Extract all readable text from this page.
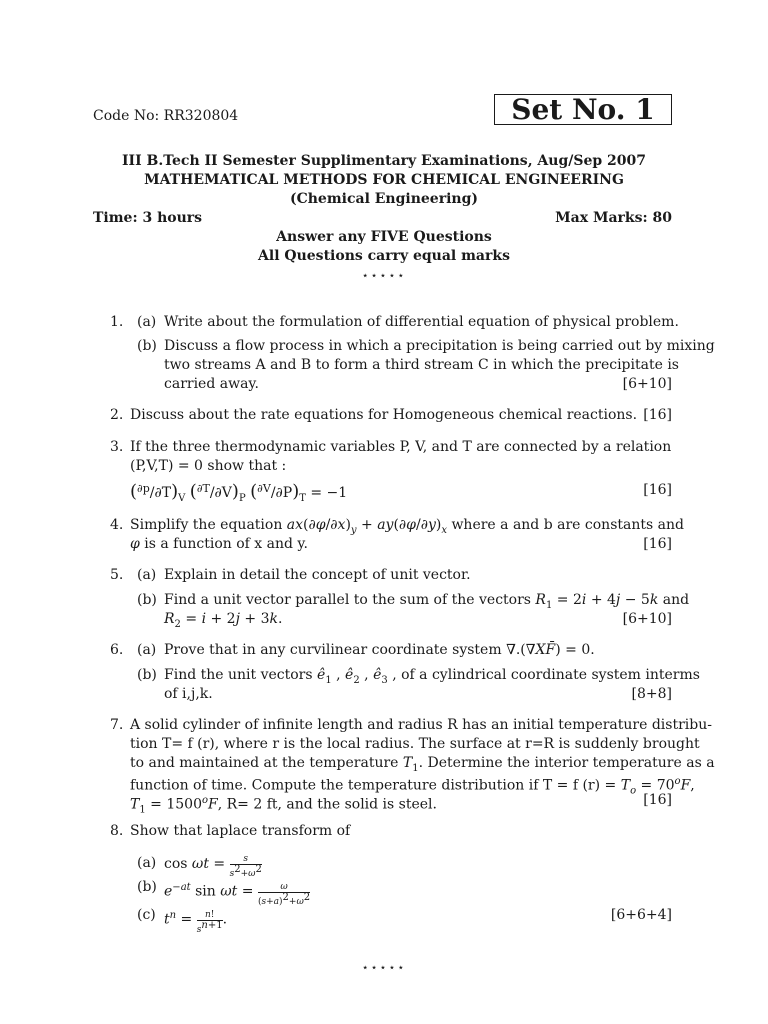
Code No: RR320804	Set No. 1
III B.Tech II Semester Supplimentary Examinations, Aug/Sep 2007
MATHEMATICAL METHODS FOR CHEMICAL ENGINEERING
(Chemical Engineering)
Time: 3 hours	Max Marks: 80
Answer any FIVE Questions
All Questions carry equal marks
⋆⋆⋆⋆⋆
1. (a) Write about the formulation of differential equation of physical problem.
(b) Discuss a flow process in which a precipitation is being carried out by mixing
two streams A and B to form a third stream C in which the precipitate is
carried away.	[6+10]
2. Discuss about the rate equations for Homogeneous chemical reactions. [16]
3. If the three thermodynamic variables P, V, and T are connected by a relation
(P,V,T) = 0 show that :
$(^{\partial p}/\partial T)_V$ $(^{\partial T}/\partial V)_P$ $(^{\partial V}/\partial P)_T = -1$	[16]
4. Simplify the equation $ax(\partial\varphi/\partial x)_y + ay(\partial\varphi/\partial y)_x$ where a and b are constants and
φ is a function of x and y.	[16]
5. (a) Explain in detail the concept of unit vector.
(b) Find a unit vector parallel to the sum of the vectors $R_1 = 2i + 4j - 5k$ and
$R_2 = i + 2j + 3k$.	[6+10]
6. (a) Prove that in any curvilinear coordinate system ∇.(∇XF̄) = 0.
(b) Find the unit vectors $ê_1$ , $ê_2$ , $ê_3$ , of a cylindrical coordinate system interms
of i,j,k.	[8+8]
7. A solid cylinder of infinite length and radius R has an initial temperature distribu-
tion T= f (r), where r is the local radius. The surface at r=R is suddenly brought
to and maintained at the temperature $T_1$. Determine the interior temperature as a
function of time. Compute the temperature distribution if T = f $(r) = T_o = 70^oF$,
$T_1 = 1500^oF$, R= 2 ft, and the solid is steel.	[16]
8. Show that laplace transform of
(a) $\cos \omega t = \frac{s}{s^2+\omega^2}$
(b) $e^{-at}$ $\sin \omega t = \frac{\omega}{(s+a)^2+\omega^2}$
(c) $t^n = \frac{n!}{s^{n+1}}$ .	[6+6+4]
⋆⋆⋆⋆⋆
